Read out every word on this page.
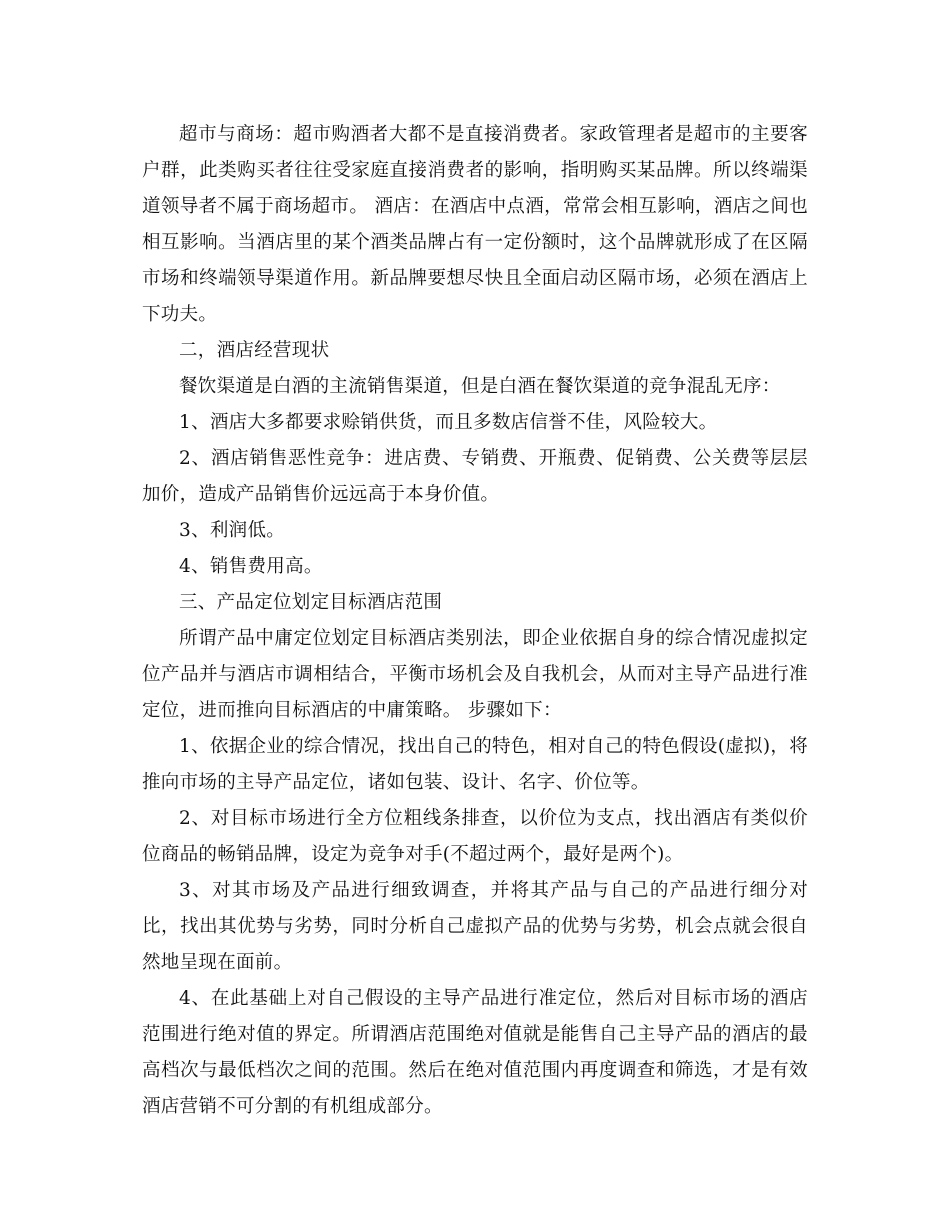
超市与商场：超市购酒者大都不是直接消费者。家政管理者是超市的主要客户群，此类购买者往往受家庭直接消费者的影响，指明购买某品牌。所以终端渠道领导者不属于商场超市。 酒店：在酒店中点酒，常常会相互影响，酒店之间也相互影响。当酒店里的某个酒类品牌占有一定份额时，这个品牌就形成了在区隔市场和终端领导渠道作用。新品牌要想尽快且全面启动区隔市场，必须在酒店上下功夫。

二，酒店经营现状

餐饮渠道是白酒的主流销售渠道，但是白酒在餐饮渠道的竞争混乱无序：

1、酒店大多都要求赊销供货，而且多数店信誉不佳，风险较大。

2、酒店销售恶性竞争：进店费、专销费、开瓶费、促销费、公关费等层层加价，造成产品销售价远远高于本身价值。

3、利润低。

4、销售费用高。

三、产品定位划定目标酒店范围

所谓产品中庸定位划定目标酒店类别法，即企业依据自身的综合情况虚拟定位产品并与酒店市调相结合，平衡市场机会及自我机会，从而对主导产品进行准定位，进而推向目标酒店的中庸策略。 步骤如下：

1、依据企业的综合情况，找出自己的特色，相对自己的特色假设(虚拟)，将推向市场的主导产品定位，诸如包装、设计、名字、价位等。

2、对目标市场进行全方位粗线条排查，以价位为支点，找出酒店有类似价位商品的畅销品牌，设定为竞争对手(不超过两个，最好是两个)。

3、对其市场及产品进行细致调查，并将其产品与自己的产品进行细分对比，找出其优势与劣势，同时分析自己虚拟产品的优势与劣势，机会点就会很自然地呈现在面前。

4、在此基础上对自己假设的主导产品进行准定位，然后对目标市场的酒店范围进行绝对值的界定。所谓酒店范围绝对值就是能售自己主导产品的酒店的最高档次与最低档次之间的范围。然后在绝对值范围内再度调查和筛选，才是有效酒店营销不可分割的有机组成部分。
